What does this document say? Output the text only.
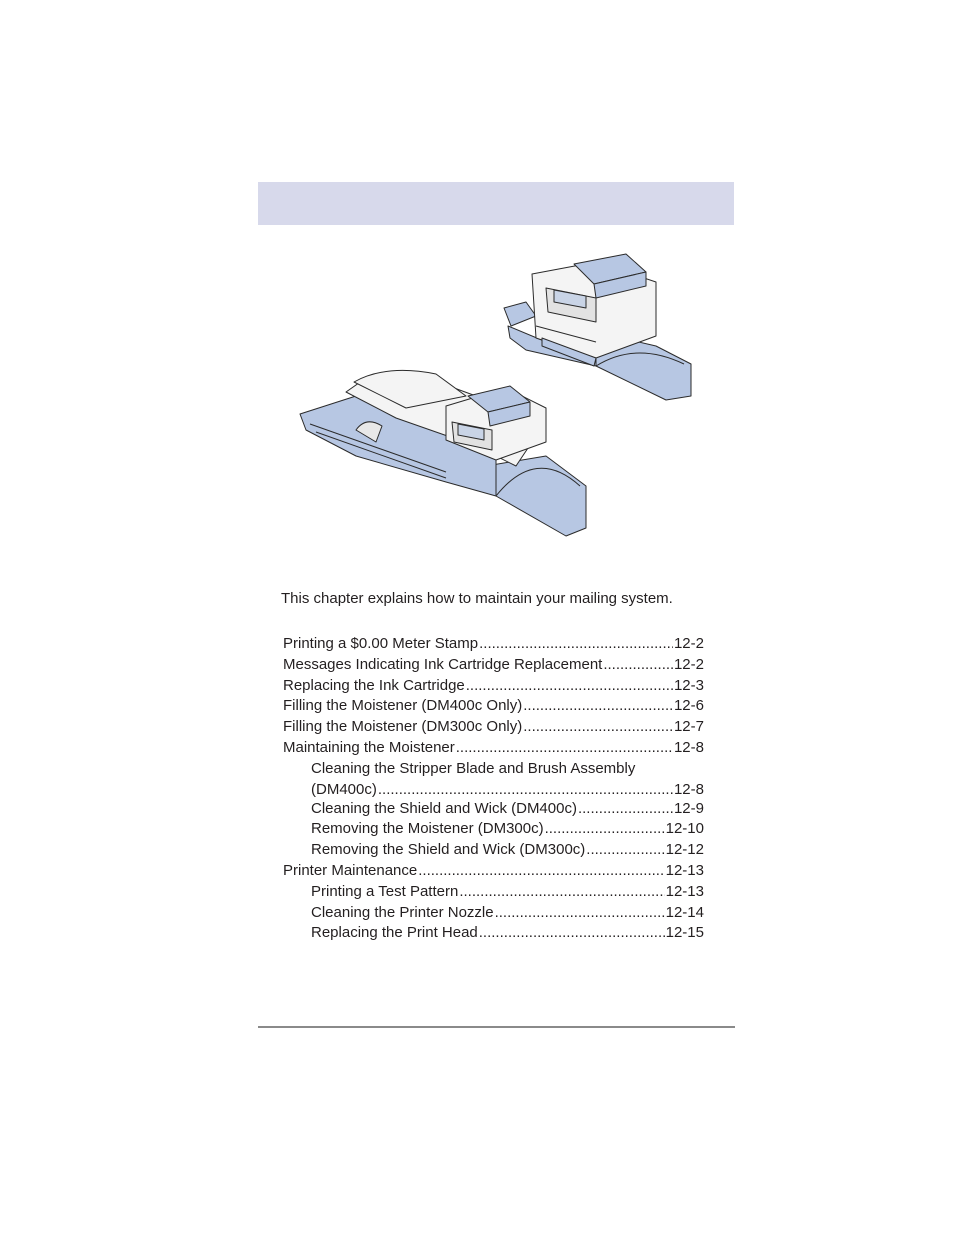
This chapter explains how to maintain your mailing system.
Printing a $0.00 Meter Stamp .....	12-2
Messages Indicating Ink Cartridge Replacement .....	12-2
Replacing the Ink Cartridge .....	12-3
Filling the Moistener (DM400c Only) .....	12-6
Filling the Moistener (DM300c Only) .....	12-7
Maintaining the Moistener .....	12-8
Cleaning the Stripper Blade and Brush Assembly
(DM400c) .....	12-8
Cleaning the Shield and Wick (DM400c) .....	12-9
Removing the Moistener (DM300c) .....	12-10
Removing the Shield and Wick (DM300c) .....	12-12
Printer Maintenance .....	12-13
Printing a Test Pattern .....	12-13
Cleaning the Printer Nozzle .....	12-14
Replacing the Print Head .....	12-15
